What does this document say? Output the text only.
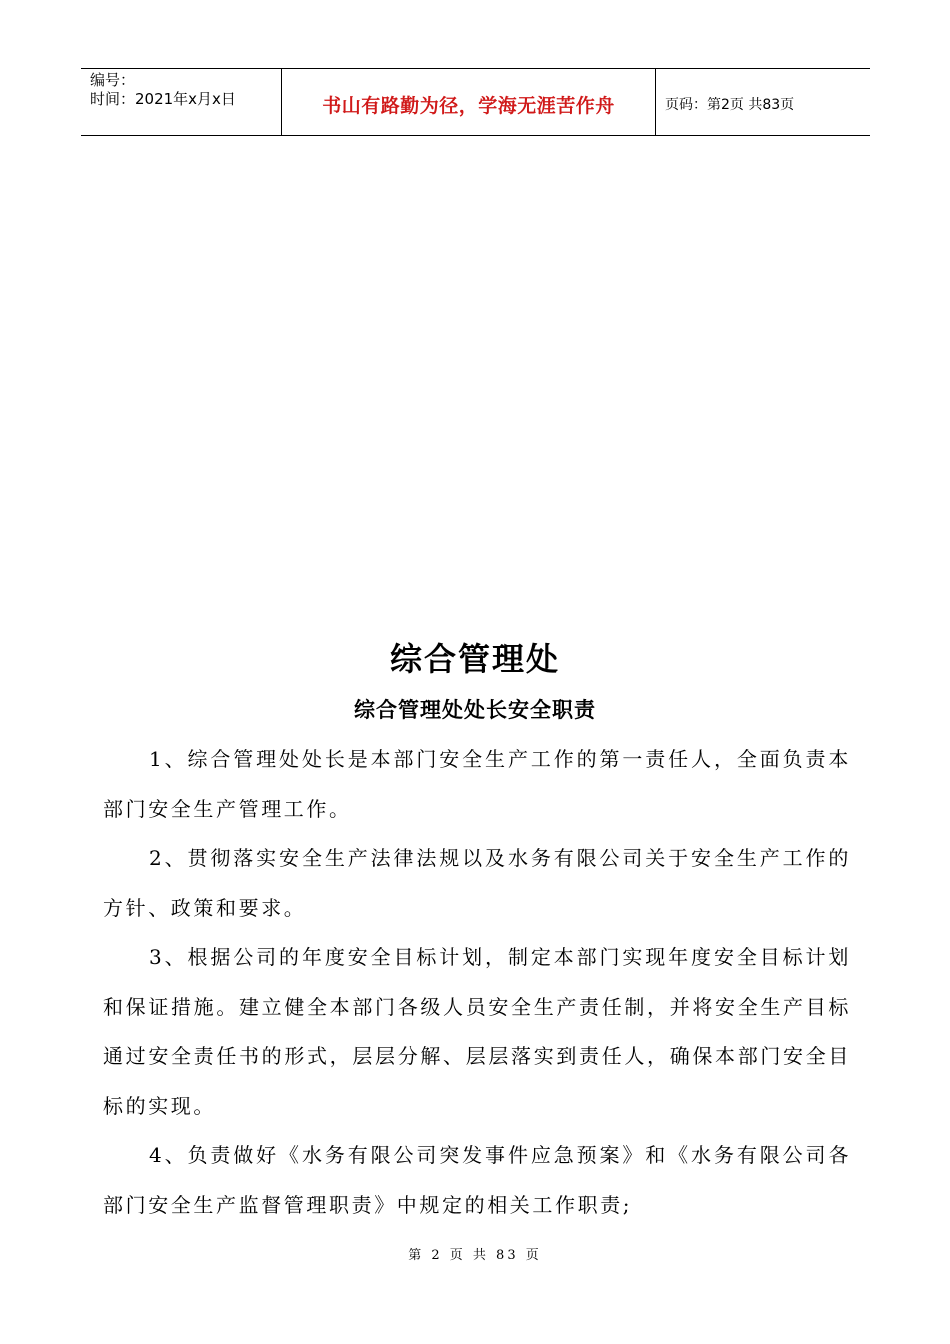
编号：
时间：2021年x月x日	书山有路勤为径，学海无涯苦作舟	页码：第2页 共83页
综合管理处
综合管理处处长安全职责

1、综合管理处处长是本部门安全生产工作的第一责任人，全面负责本部门安全生产管理工作。

2、贯彻落实安全生产法律法规以及水务有限公司关于安全生产工作的方针、政策和要求。

3、根据公司的年度安全目标计划，制定本部门实现年度安全目标计划和保证措施。建立健全本部门各级人员安全生产责任制，并将安全生产目标通过安全责任书的形式，层层分解、层层落实到责任人，确保本部门安全目标的实现。

4、负责做好《水务有限公司突发事件应急预案》和《水务有限公司各部门安全生产监督管理职责》中规定的相关工作职责;

第 2 页 共 83 页
